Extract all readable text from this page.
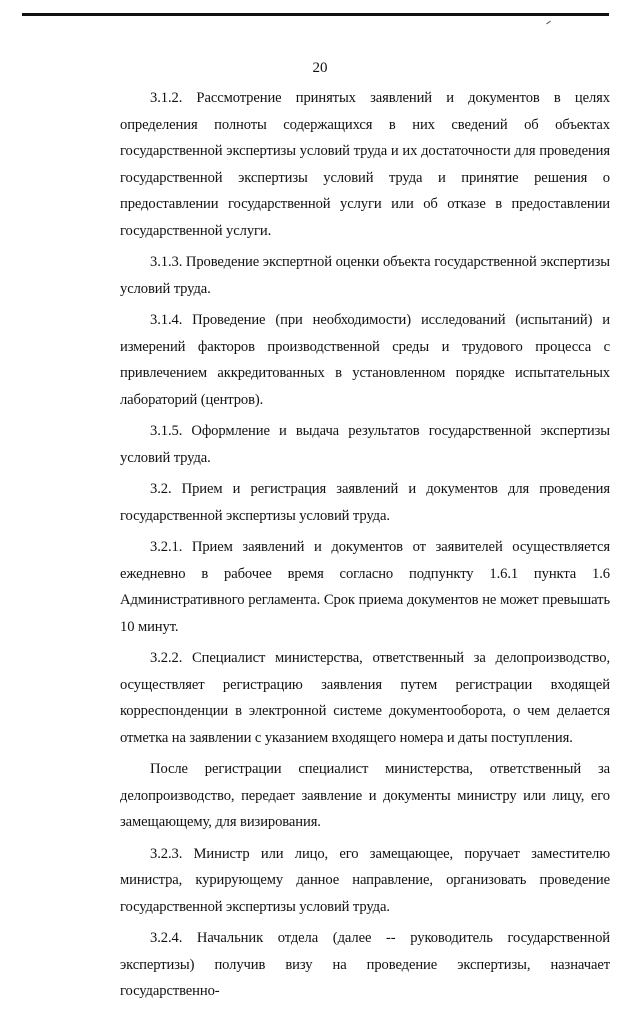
20

3.1.2. Рассмотрение принятых заявлений и документов в целях определения полноты содержащихся в них сведений об объектах государственной экспертизы условий труда и их достаточности для проведения государственной экспертизы условий труда и принятие решения о предоставлении государственной услуги или об отказе в предоставлении государственной услуги.

3.1.3. Проведение экспертной оценки объекта государственной экспертизы условий труда.

3.1.4. Проведение (при необходимости) исследований (испытаний) и измерений факторов производственной среды и трудового процесса с привлечением аккредитованных в установленном порядке испытательных лабораторий (центров).

3.1.5. Оформление и выдача результатов государственной экспертизы условий труда.

3.2. Прием и регистрация заявлений и документов для проведения государственной экспертизы условий труда.

3.2.1. Прием заявлений и документов от заявителей осуществляется ежедневно в рабочее время согласно подпункту 1.6.1 пункта 1.6 Административного регламента. Срок приема документов не может превышать 10 минут.

3.2.2. Специалист министерства, ответственный за делопроизводство, осуществляет регистрацию заявления путем регистрации входящей корреспонденции в электронной системе документооборота, о чем делается отметка на заявлении с указанием входящего номера и даты поступления.

После регистрации специалист министерства, ответственный за делопроизводство, передает заявление и документы министру или лицу, его замещающему, для визирования.

3.2.3. Министр или лицо, его замещающее, поручает заместителю министра, курирующему данное направление, организовать проведение государственной экспертизы условий труда.

3.2.4. Начальник отдела (далее -- руководитель государственной экспертизы) получив визу на проведение экспертизы, назначает государственно-
